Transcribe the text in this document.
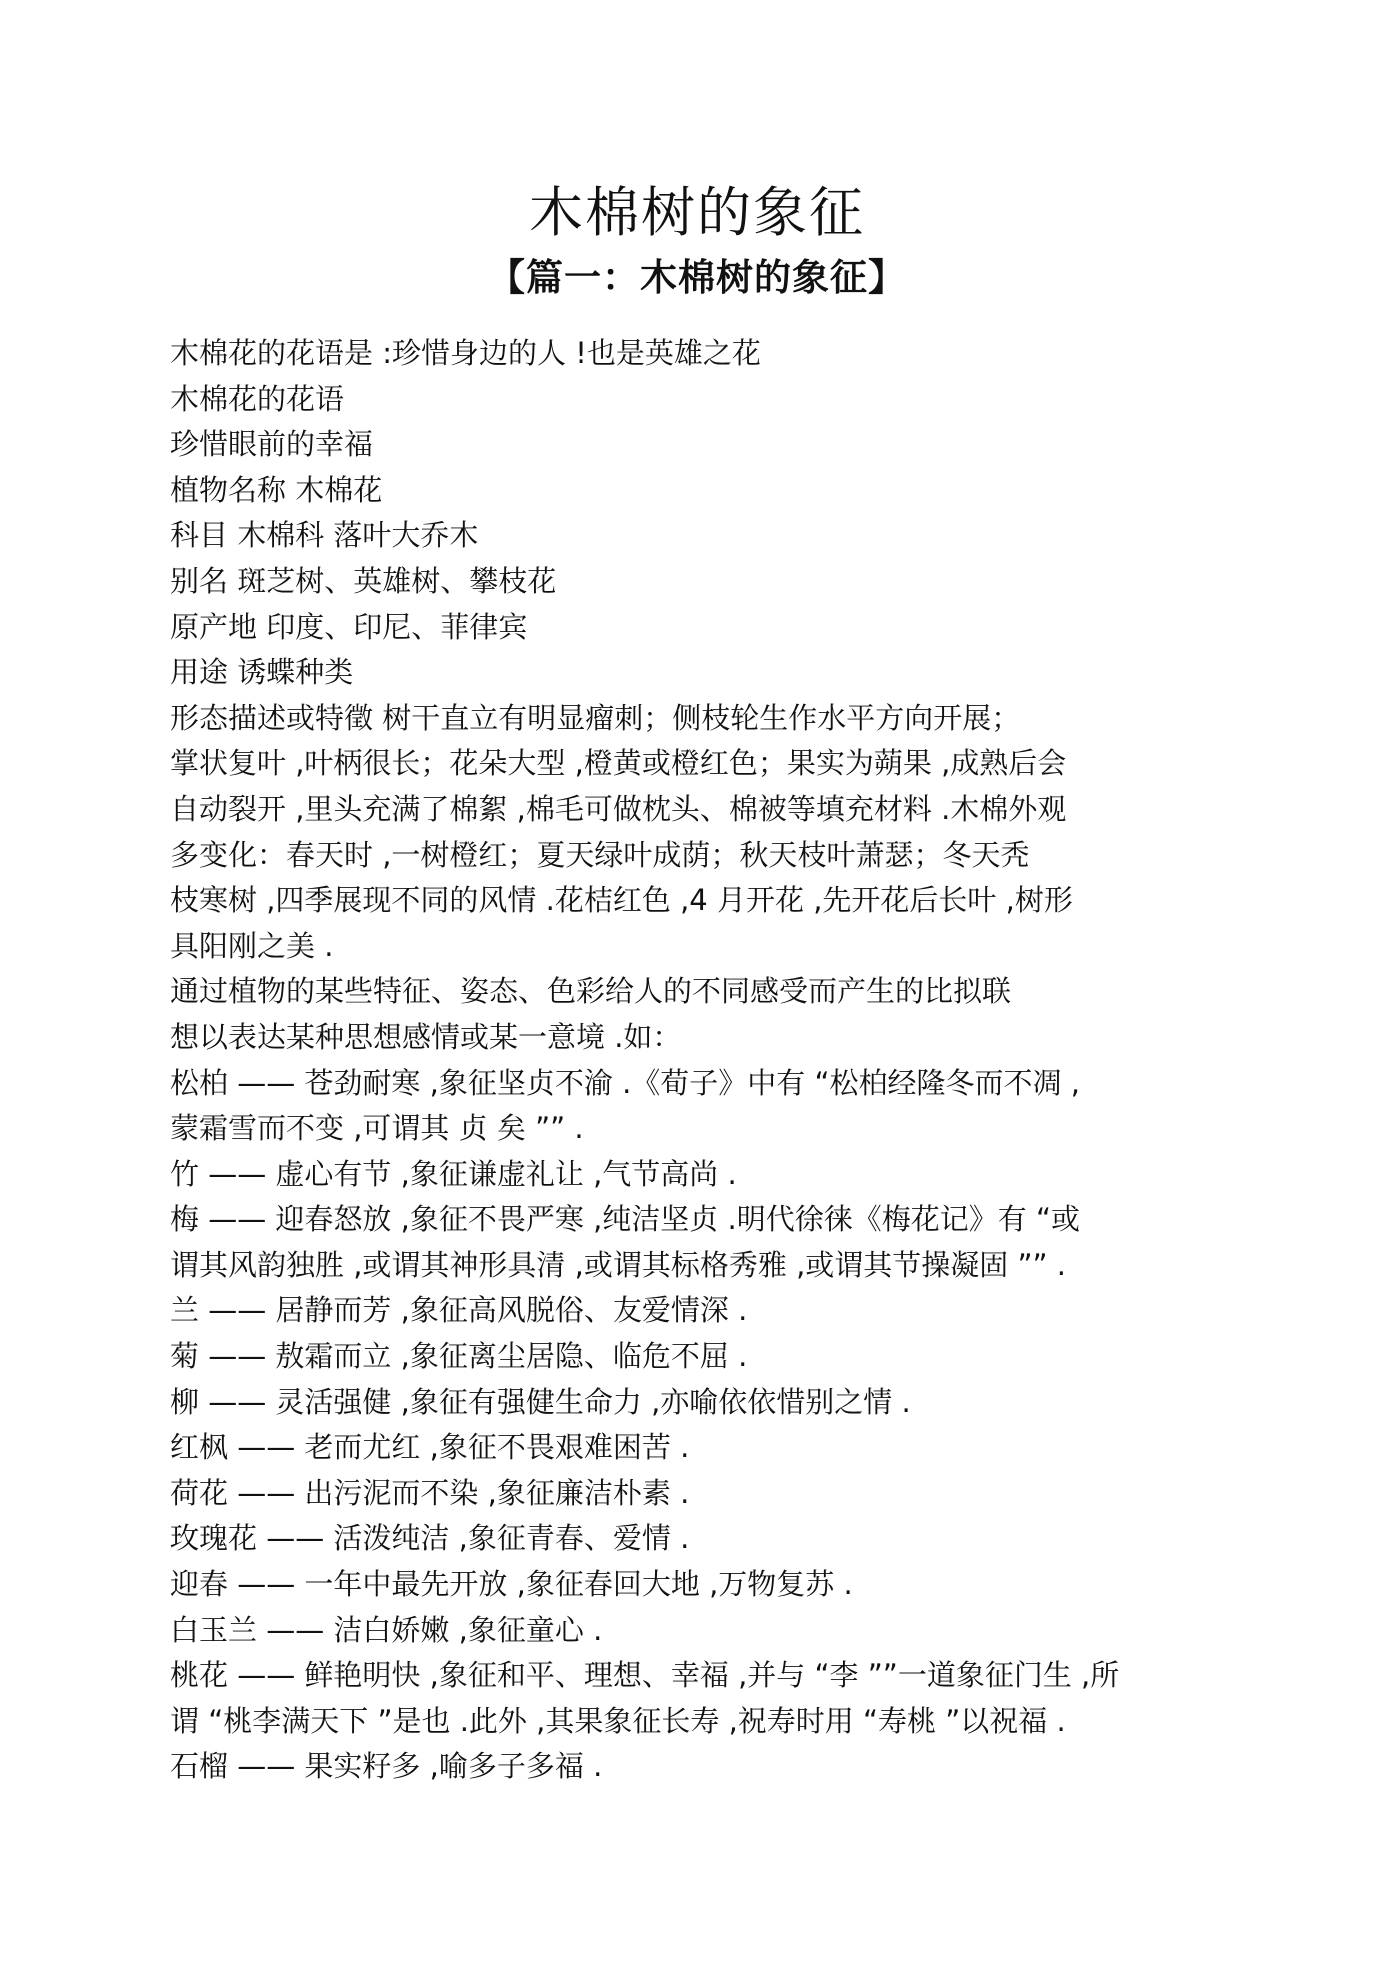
木棉树的象征
【篇一：木棉树的象征】
木棉花的花语是 :珍惜身边的人 !也是英雄之花
木棉花的花语
珍惜眼前的幸福
植物名称 木棉花
科目 木棉科 落叶大乔木
别名 斑芝树、英雄树、攀枝花
原产地 印度、印尼、菲律宾
用途 诱蝶种类
形态描述或特徵 树干直立有明显瘤刺；侧枝轮生作水平方向开展；
掌状复叶 ,叶柄很长；花朵大型 ,橙黄或橙红色；果实为蒴果 ,成熟后会
自动裂开 ,里头充满了棉絮 ,棉毛可做枕头、棉被等填充材料 .木棉外观
多变化：春天时 ,一树橙红；夏天绿叶成荫；秋天枝叶萧瑟；冬天秃
枝寒树 ,四季展现不同的风情 .花桔红色 ,4 月开花 ,先开花后长叶 ,树形
具阳刚之美 .
通过植物的某些特征、姿态、色彩给人的不同感受而产生的比拟联
想以表达某种思想感情或某一意境 .如：
松柏 —— 苍劲耐寒 ,象征坚贞不渝 .《荀子》中有 “松柏经隆冬而不凋 ,
蒙霜雪而不变 ,可谓其 贞 矣 ”” .
竹 —— 虚心有节 ,象征谦虚礼让 ,气节高尚 .
梅 —— 迎春怒放 ,象征不畏严寒 ,纯洁坚贞 .明代徐徕《梅花记》有 “或
谓其风韵独胜 ,或谓其神形具清 ,或谓其标格秀雅 ,或谓其节操凝固 ”” .
兰 —— 居静而芳 ,象征高风脱俗、友爱情深 .
菊 —— 敖霜而立 ,象征离尘居隐、临危不屈 .
柳 —— 灵活强健 ,象征有强健生命力 ,亦喻依依惜别之情 .
红枫 —— 老而尤红 ,象征不畏艰难困苦 .
荷花 —— 出污泥而不染 ,象征廉洁朴素 .
玫瑰花 —— 活泼纯洁 ,象征青春、爱情 .
迎春 —— 一年中最先开放 ,象征春回大地 ,万物复苏 .
白玉兰 —— 洁白娇嫩 ,象征童心 .
桃花 —— 鲜艳明快 ,象征和平、理想、幸福 ,并与 “李 ””一道象征门生 ,所
谓 “桃李满天下 ”是也 .此外 ,其果象征长寿 ,祝寿时用 “寿桃 ”以祝福 .
石榴 —— 果实籽多 ,喻多子多福 .
